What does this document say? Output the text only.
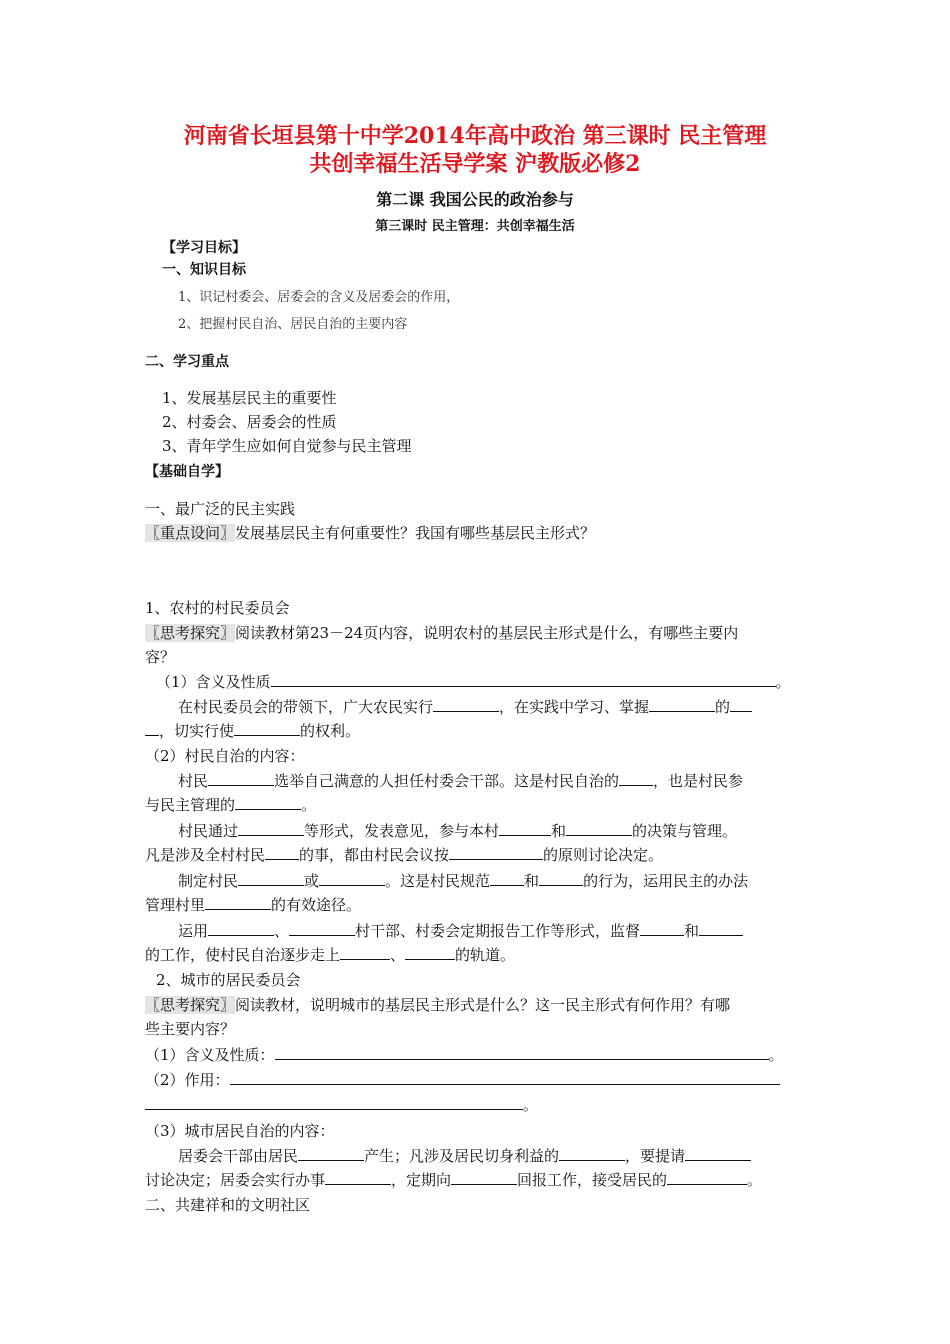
河南省长垣县第十中学2014年高中政治 第三课时 民主管理
共创幸福生活导学案 沪教版必修2
第二课 我国公民的政治参与
第三课时 民主管理：共创幸福生活
【学习目标】
一、知识目标
1、识记村委会、居委会的含义及居委会的作用，
2、把握村民自治、居民自治的主要内容
二、学习重点
1、发展基层民主的重要性
2、村委会、居委会的性质
3、青年学生应如何自觉参与民主管理
【基础自学】
一、最广泛的民主实践
〖重点设问〗发展基层民主有何重要性？我国有哪些基层民主形式？
1、农村的村民委员会
〖思考探究〗阅读教材第23－24页内容，说明农村的基层民主形式是什么，有哪些主要内
容？
（1）含义及性质	。
在村民委员会的带领下，广大农民实行	，在实践中学习、掌握	的
，切实行使	的权利。
（2）村民自治的内容：
村民	选举自己满意的人担任村委会干部。这是村民自治的 ，也是村民参
与民主管理的	。
村民通过	等形式，发表意见，参与本村	和	的决策与管理。
凡是涉及全村村民 的事，都由村民会议按	的原则讨论决定。
制定村民	或	。这是村民规范 和	的行为，运用民主的办法
管理村里	的有效途径。
运用	、	村干部、村委会定期报告工作等形式，监督	和
的工作，使村民自治逐步走上	、	的轨道。
2、城市的居民委员会
〖思考探究〗阅读教材，说明城市的基层民主形式是什么？这一民主形式有何作用？有哪
些主要内容？
（1）含义及性质：	。
（2）作用：
。
（3）城市居民自治的内容：
居委会干部由居民	产生；凡涉及居民切身利益的	，要提请
讨论决定；居委会实行办事	，定期向	回报工作，接受居民的	。
二、共建祥和的文明社区
